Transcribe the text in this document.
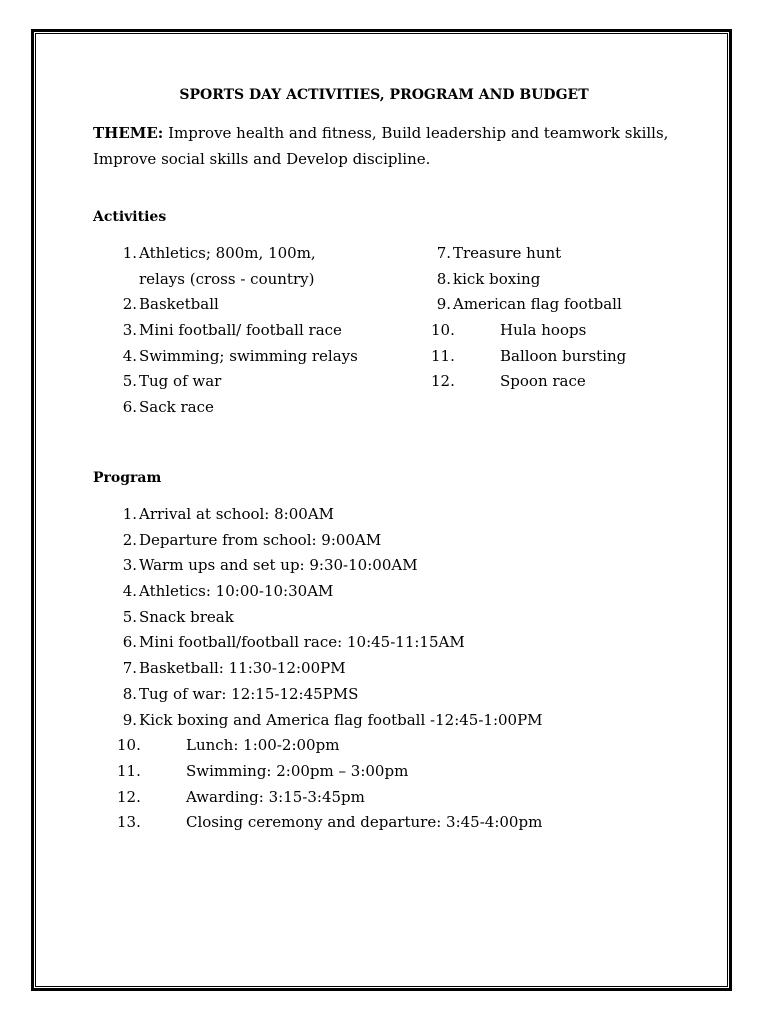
SPORTS DAY ACTIVITIES, PROGRAM AND BUDGET
THEME: Improve health and fitness, Build leadership and teamwork skills, Improve social skills and Develop discipline.
Activities
1. Athletics; 800m, 100m,
relays (cross - country)
2. Basketball
3. Mini football/ football race
4. Swimming; swimming relays
5. Tug of war
6. Sack race
7. Treasure hunt
8. kick boxing
9. American flag football
10.	Hula hoops
11.	Balloon bursting
12.	Spoon race
Program
1. Arrival at school: 8:00AM
2. Departure from school: 9:00AM
3. Warm ups and set up: 9:30-10:00AM
4. Athletics: 10:00-10:30AM
5. Snack break
6. Mini football/football race: 10:45-11:15AM
7. Basketball: 11:30-12:00PM
8. Tug of war: 12:15-12:45PMS
9. Kick boxing and America flag football -12:45-1:00PM
10.	Lunch: 1:00-2:00pm
11.	Swimming: 2:00pm – 3:00pm
12.	Awarding: 3:15-3:45pm
13.	Closing ceremony and departure: 3:45-4:00pm
